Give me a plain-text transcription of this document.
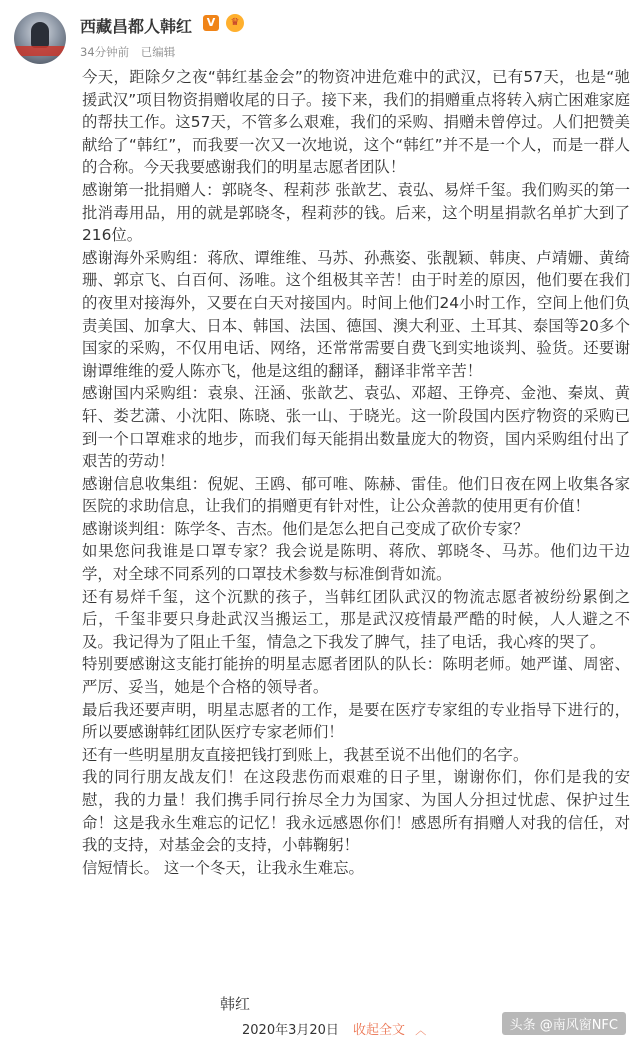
西藏昌都人韩红	V	♛
34分钟前 已编辑

今天，距除夕之夜“韩红基金会”的物资冲进危难中的武汉，已有57天，也是“驰援武汉”项目物资捐赠收尾的日子。接下来，我们的捐赠重点将转入病亡困难家庭的帮扶工作。这57天，不管多么艰难，我们的采购、捐赠未曾停过。人们把赞美献给了“韩红”，而我要一次又一次地说，这个“韩红”并不是一个人，而是一群人的合称。今天我要感谢我们的明星志愿者团队！

感谢第一批捐赠人：郭晓冬、程莉莎 张歆艺、袁弘、易烊千玺。我们购买的第一批消毒用品，用的就是郭晓冬，程莉莎的钱。后来，这个明星捐款名单扩大到了216位。

感谢海外采购组：蒋欣、谭维维、马苏、孙燕姿、张靓颖、韩庚、卢靖姗、黄绮珊、郭京飞、白百何、汤唯。这个组极其辛苦！由于时差的原因，他们要在我们的夜里对接海外，又要在白天对接国内。时间上他们24小时工作，空间上他们负责美国、加拿大、日本、韩国、法国、德国、澳大利亚、土耳其、泰国等20多个国家的采购，不仅用电话、网络，还常常需要自费飞到实地谈判、验货。还要谢谢谭维维的爱人陈亦飞，他是这组的翻译，翻译非常辛苦！

感谢国内采购组：袁泉、汪涵、张歆艺、袁弘、邓超、王铮亮、金池、秦岚、黄轩、娄艺潇、小沈阳、陈晓、张一山、于晓光。这一阶段国内医疗物资的采购已到一个口罩难求的地步，而我们每天能捐出数量庞大的物资，国内采购组付出了艰苦的劳动！

感谢信息收集组：倪妮、王鸥、郁可唯、陈赫、雷佳。他们日夜在网上收集各家医院的求助信息，让我们的捐赠更有针对性，让公众善款的使用更有价值！

感谢谈判组：陈学冬、吉杰。他们是怎么把自己变成了砍价专家？

如果您问我谁是口罩专家？我会说是陈明、蒋欣、郭晓冬、马苏。他们边干边学，对全球不同系列的口罩技术参数与标准倒背如流。

还有易烊千玺，这个沉默的孩子，当韩红团队武汉的物流志愿者被纷纷累倒之后，千玺非要只身赴武汉当搬运工，那是武汉疫情最严酷的时候，人人避之不及。我记得为了阻止千玺，情急之下我发了脾气，挂了电话，我心疼的哭了。

特别要感谢这支能打能拚的明星志愿者团队的队长：陈明老师。她严谨、周密、严厉、妥当，她是个合格的领导者。

最后我还要声明，明星志愿者的工作，是要在医疗专家组的专业指导下进行的，所以要感谢韩红团队医疗专家老师们！

还有一些明星朋友直接把钱打到账上，我甚至说不出他们的名字。

我的同行朋友战友们！在这段悲伤而艰难的日子里，谢谢你们，你们是我的安慰，我的力量！我们携手同行拚尽全力为国家、为国人分担过忧虑、保护过生命！这是我永生难忘的记忆！我永远感恩你们！感恩所有捐赠人对我的信任，对我的支持，对基金会的支持，小韩鞠躬！

信短情长。 这一个冬天，让我永生难忘。

韩红
2020年3月20日 收起全文 ︿	头条 @南风窗NFC
